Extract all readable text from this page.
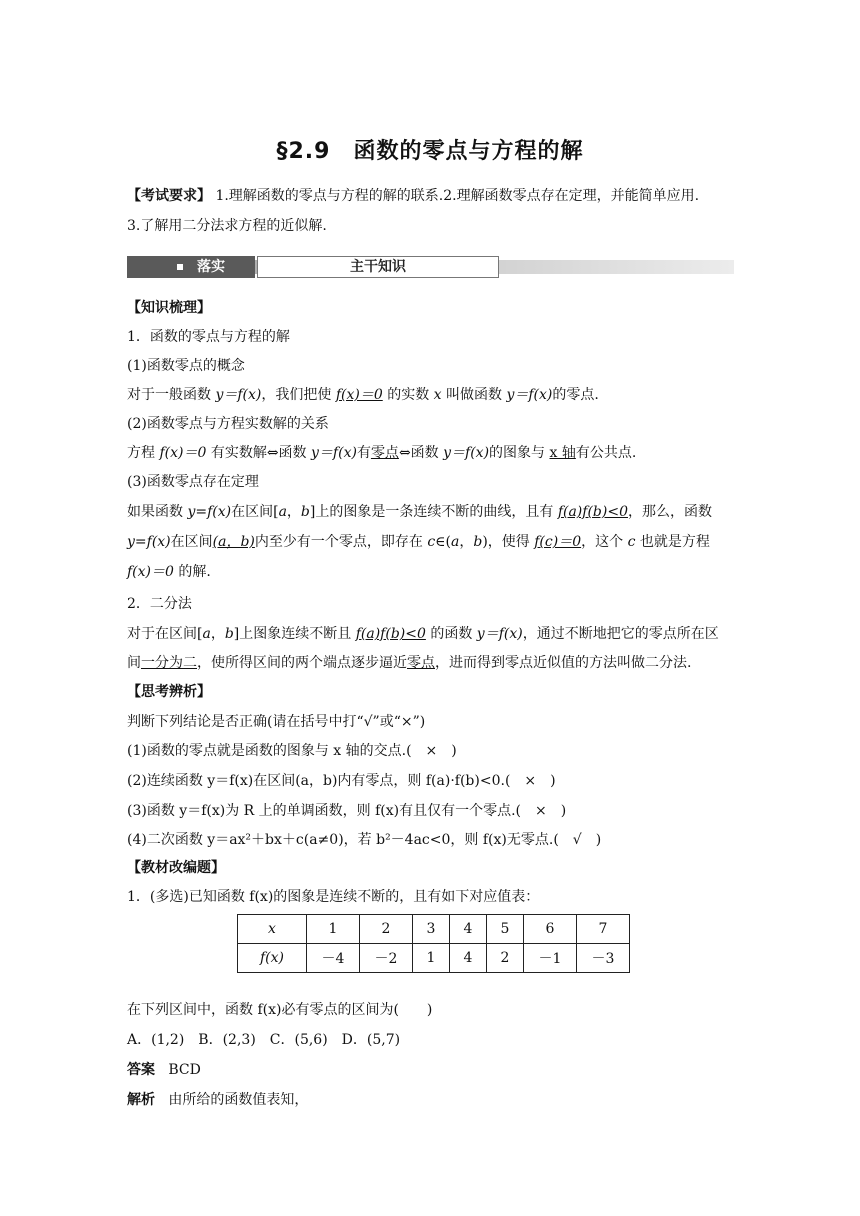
§2.9　函数的零点与方程的解
【考试要求】 1.理解函数的零点与方程的解的联系.2.理解函数零点存在定理，并能简单应用.
3.了解用二分法求方程的近似解.
落实	主干知识
【知识梳理】
1．函数的零点与方程的解
(1)函数零点的概念
对于一般函数 y＝f(x)，我们把使 f(x)＝0 的实数 x 叫做函数 y＝f(x)的零点.
(2)函数零点与方程实数解的关系
方程 f(x)＝0 有实数解⇔函数 y＝f(x)有零点⇔函数 y＝f(x)的图象与 x 轴有公共点.
(3)函数零点存在定理
如果函数 y=f(x)在区间[a，b]上的图象是一条连续不断的曲线，且有 f(a)f(b)<0，那么，函数
y=f(x)在区间(a，b)内至少有一个零点，即存在 c∈(a，b)，使得 f(c)＝0，这个 c 也就是方程
f(x)＝0 的解.
2．二分法
对于在区间[a，b]上图象连续不断且 f(a)f(b)<0 的函数 y＝f(x)，通过不断地把它的零点所在区
间一分为二，使所得区间的两个端点逐步逼近零点，进而得到零点近似值的方法叫做二分法.
【思考辨析】
判断下列结论是否正确(请在括号中打“√”或“×”)
(1)函数的零点就是函数的图象与 x 轴的交点.(　×　)
(2)连续函数 y＝f(x)在区间(a，b)内有零点，则 f(a)·f(b)<0.(　×　)
(3)函数 y＝f(x)为 R 上的单调函数，则 f(x)有且仅有一个零点.(　×　)
(4)二次函数 y＝ax²＋bx＋c(a≠0)，若 b²－4ac<0，则 f(x)无零点.(　√　)
【教材改编题】
1．(多选)已知函数 f(x)的图象是连续不断的，且有如下对应值表：
x	1	2	3	4	5	6	7
f(x)	－4	－2	1	4	2	－1	－3
在下列区间中，函数 f(x)必有零点的区间为(　　)
A．(1,2)　B．(2,3)　C．(5,6)　D．(5,7)
答案 BCD
解析 由所给的函数值表知，
